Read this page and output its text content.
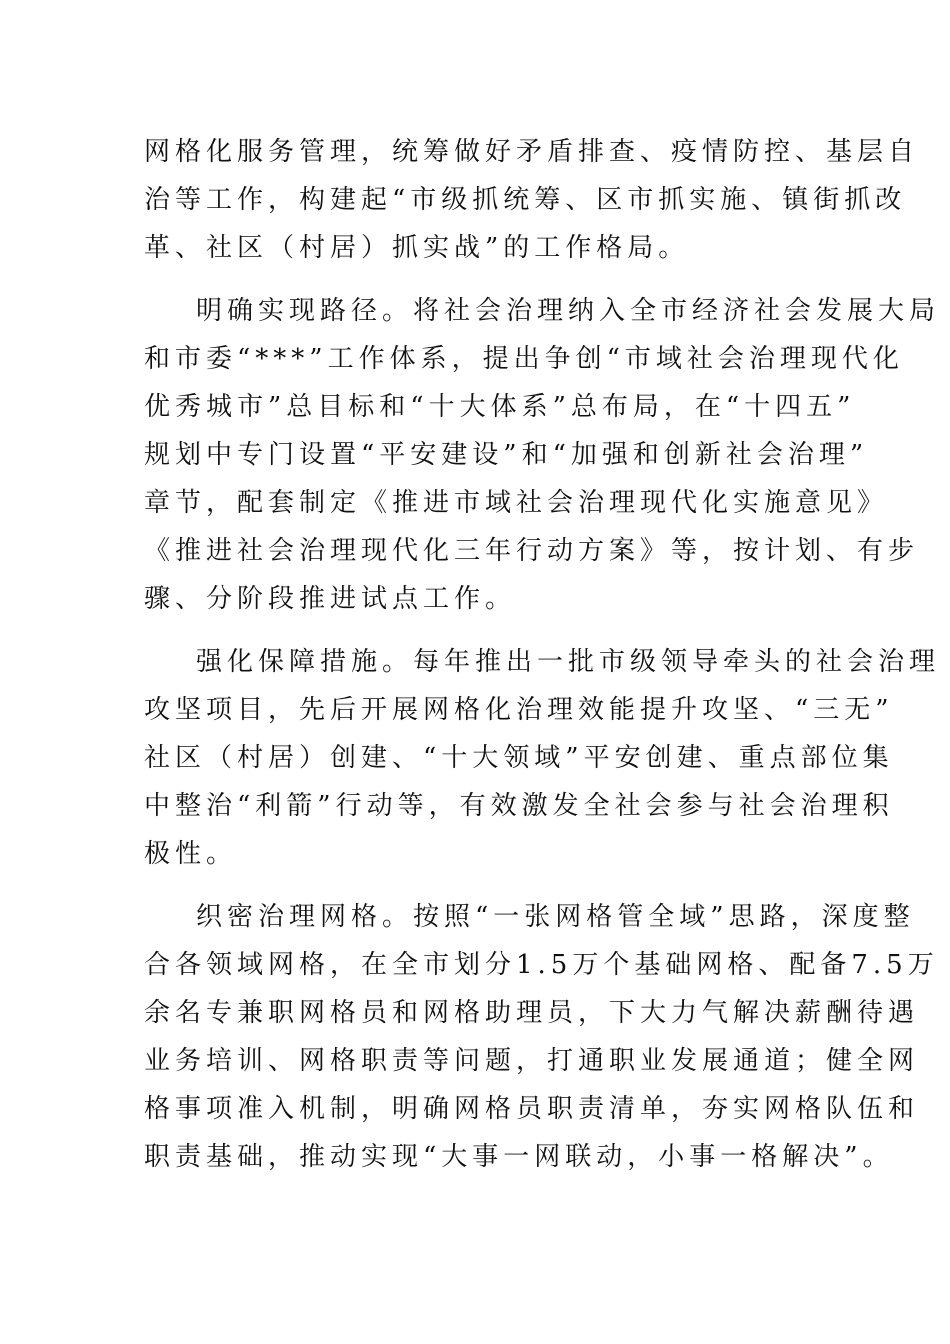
网格化服务管理，统筹做好矛盾排查、疫情防控、基层自
治等工作，构建起“市级抓统筹、区市抓实施、镇街抓改
革、社区（村居）抓实战”的工作格局。

明确实现路径。将社会治理纳入全市经济社会发展大局
和市委“***”工作体系，提出争创“市域社会治理现代化
优秀城市”总目标和“十大体系”总布局，在“十四五”
规划中专门设置“平安建设”和“加强和创新社会治理”
章节，配套制定《推进市域社会治理现代化实施意见》
《推进社会治理现代化三年行动方案》等，按计划、有步
骤、分阶段推进试点工作。

强化保障措施。每年推出一批市级领导牵头的社会治理
攻坚项目，先后开展网格化治理效能提升攻坚、“三无”
社区（村居）创建、“十大领域”平安创建、重点部位集
中整治“利箭”行动等，有效激发全社会参与社会治理积
极性。

织密治理网格。按照“一张网格管全域”思路，深度整
合各领域网格，在全市划分1.5万个基础网格、配备7.5万
余名专兼职网格员和网格助理员，下大力气解决薪酬待遇
业务培训、网格职责等问题，打通职业发展通道；健全网
格事项准入机制，明确网格员职责清单，夯实网格队伍和
职责基础，推动实现“大事一网联动，小事一格解决”。
